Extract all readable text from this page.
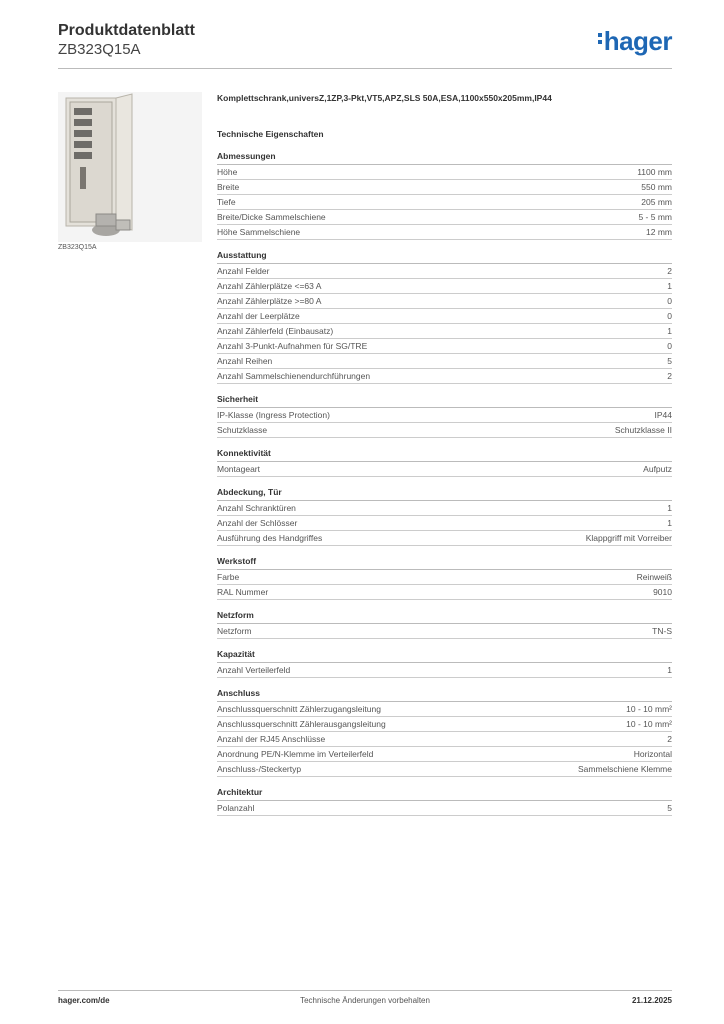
Produktdatenblatt
ZB323Q15A	hager
ZB323Q15A
Komplettschrank,universZ,1ZP,3-Pkt,VT5,APZ,SLS 50A,ESA,1100x550x205mm,IP44
Technische Eigenschaften
Abmessungen
Höhe	1100 mm
Breite	550 mm
Tiefe	205 mm
Breite/Dicke Sammelschiene	5 - 5 mm
Höhe Sammelschiene	12 mm
Ausstattung
Anzahl Felder	2
Anzahl Zählerplätze <=63 A	1
Anzahl Zählerplätze >=80 A	0
Anzahl der Leerplätze	0
Anzahl Zählerfeld (Einbausatz)	1
Anzahl 3-Punkt-Aufnahmen für SG/TRE	0
Anzahl Reihen	5
Anzahl Sammelschienendurchführungen	2
Sicherheit
IP-Klasse (Ingress Protection)	IP44
Schutzklasse	Schutzklasse II
Konnektivität
Montageart	Aufputz
Abdeckung, Tür
Anzahl Schranktüren	1
Anzahl der Schlösser	1
Ausführung des Handgriffes	Klappgriff mit Vorreiber
Werkstoff
Farbe	Reinweiß
RAL Nummer	9010
Netzform
Netzform	TN-S
Kapazität
Anzahl Verteilerfeld	1
Anschluss
Anschlussquerschnitt Zählerzugangsleitung	10 - 10 mm²
Anschlussquerschnitt Zählerausgangsleitung	10 - 10 mm²
Anzahl der RJ45 Anschlüsse	2
Anordnung PE/N-Klemme im Verteilerfeld	Horizontal
Anschluss-/Steckertyp	Sammelschiene Klemme
Architektur
Polanzahl	5
hager.com/de	Technische Änderungen vorbehalten	21.12.2025
